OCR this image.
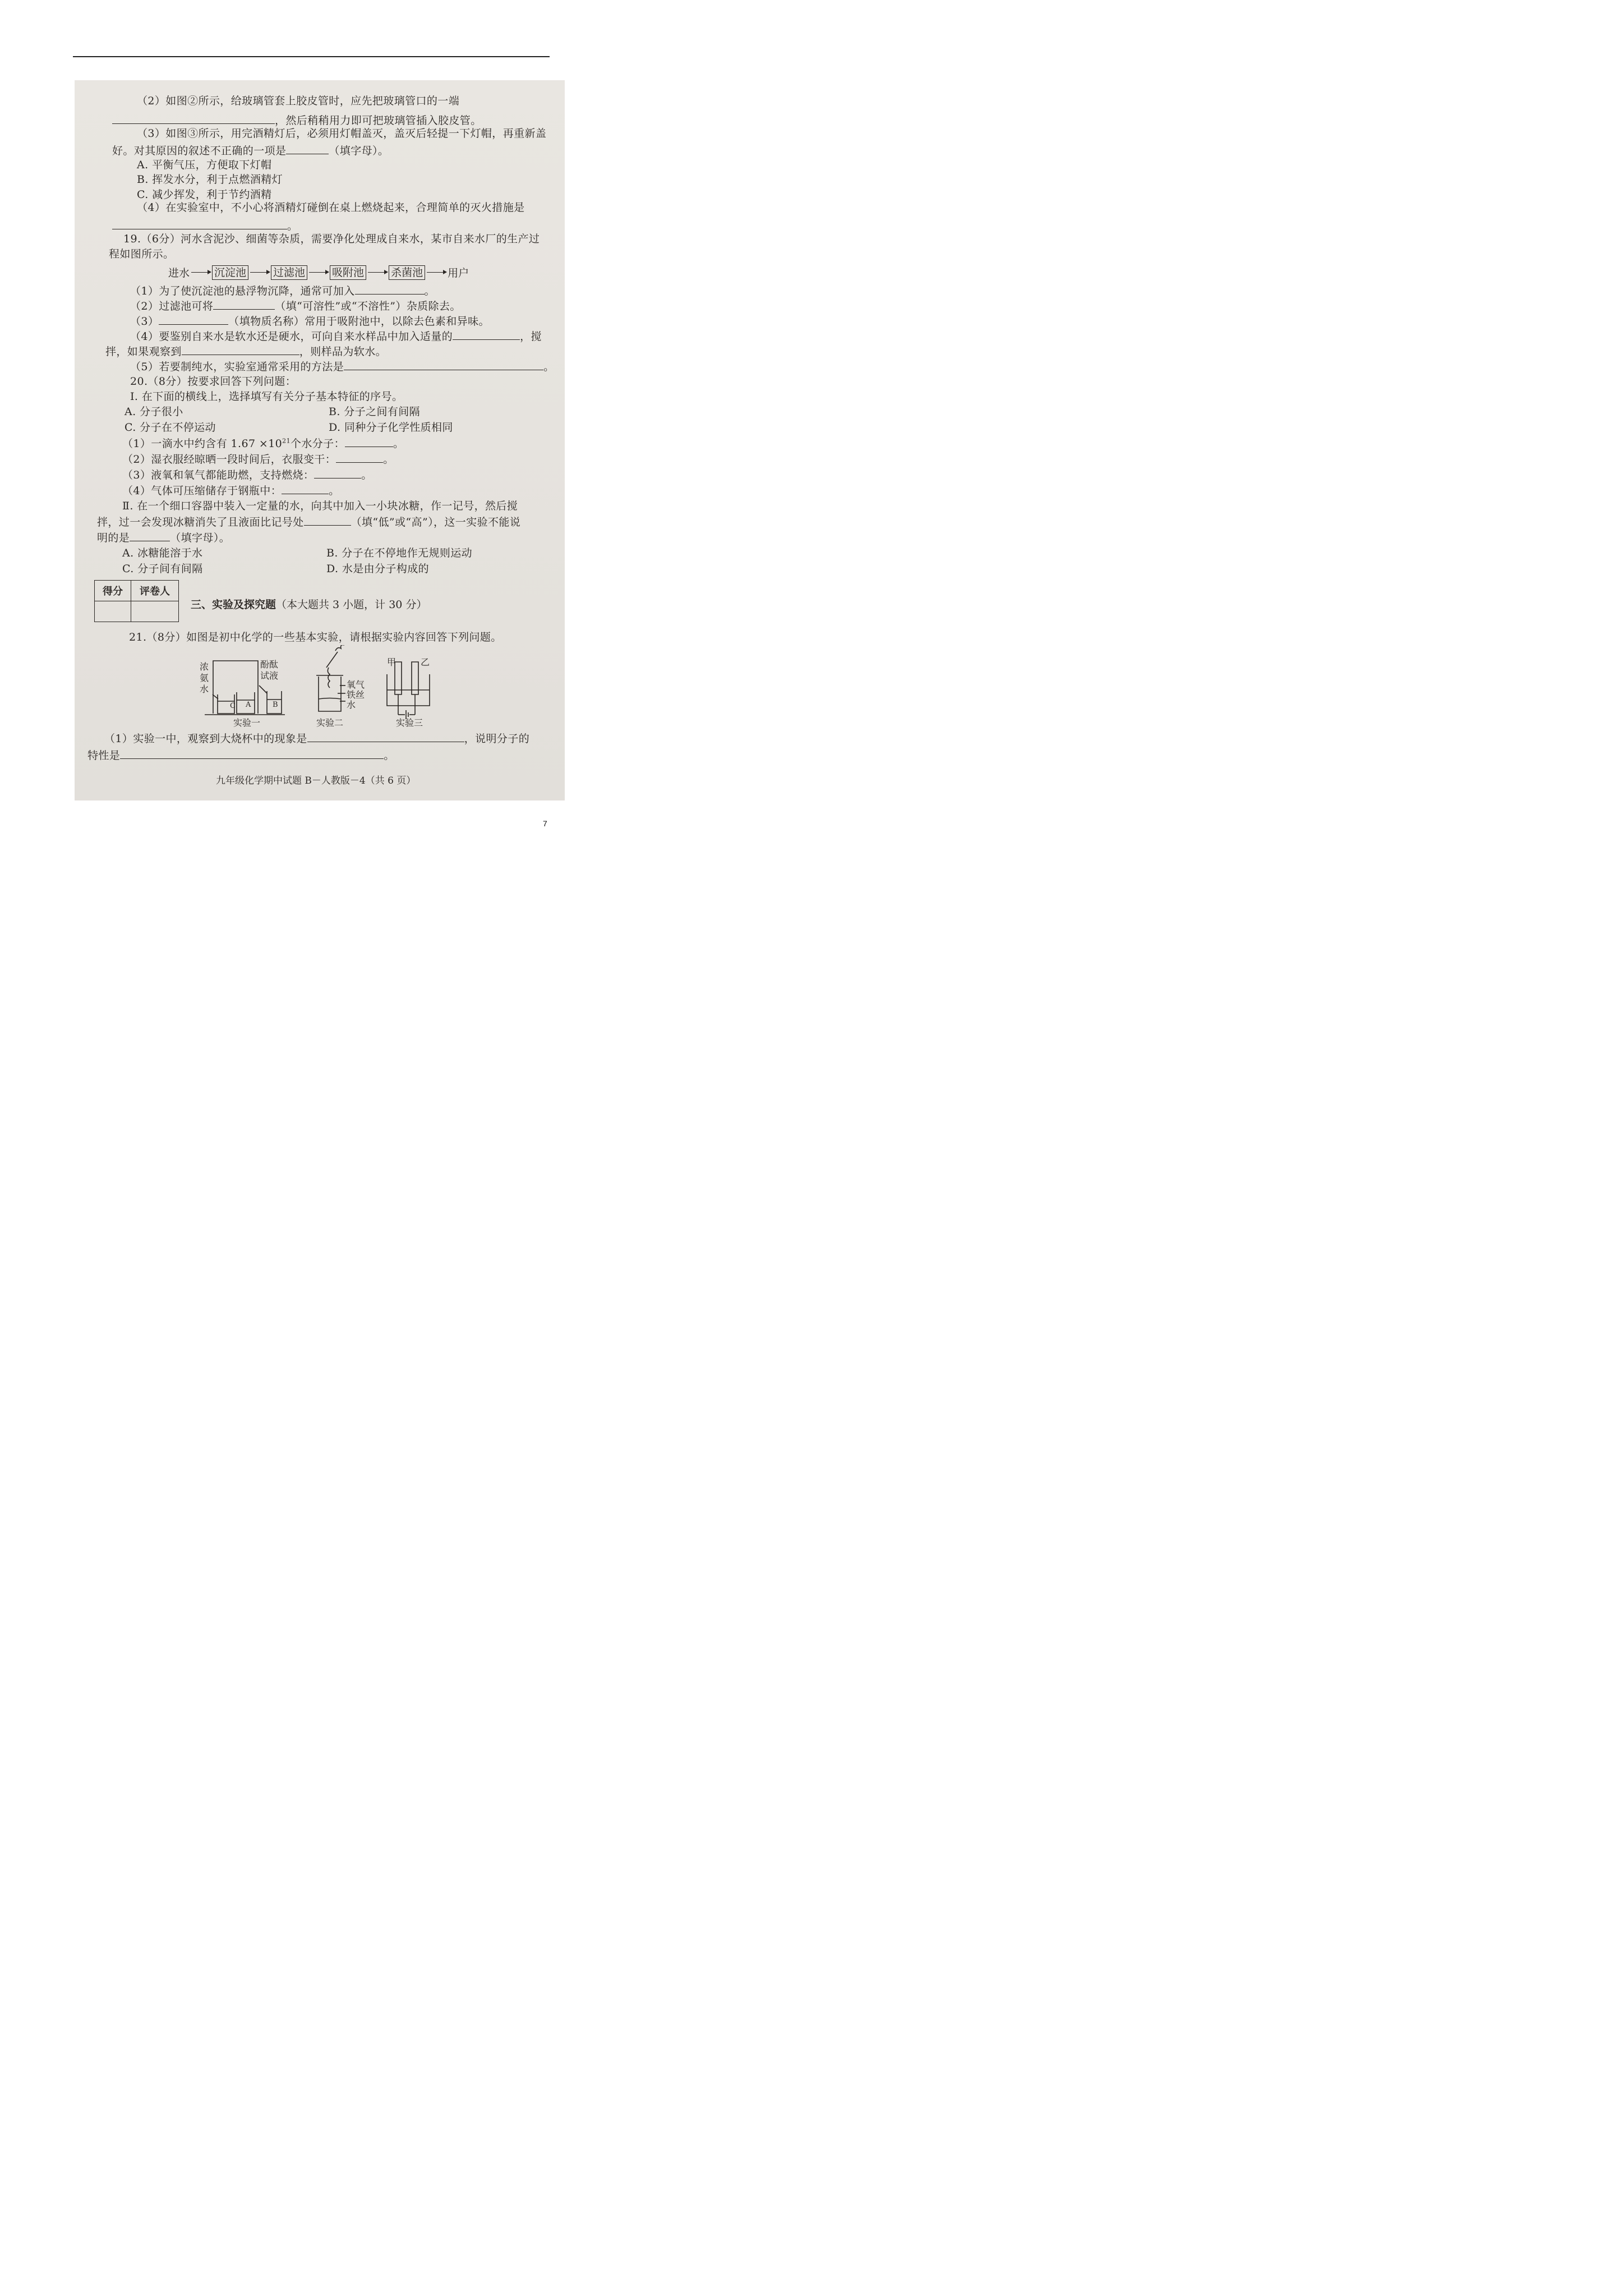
（2）如图②所示，给玻璃管套上胶皮管时，应先把玻璃管口的一端
，然后稍稍用力即可把玻璃管插入胶皮管。
（3）如图③所示，用完酒精灯后，必须用灯帽盖灭，盖灭后轻提一下灯帽，再重新盖
好。对其原因的叙述不正确的一项是	（填字母）。
A. 平衡气压，方便取下灯帽
B. 挥发水分，利于点燃酒精灯
C. 减少挥发，利于节约酒精
（4）在实验室中，不小心将酒精灯碰倒在桌上燃烧起来，合理简单的灭火措施是
。
19.（6分）河水含泥沙、细菌等杂质，需要净化处理成自来水，某市自来水厂的生产过
程如图所示。
进水 沉淀池	过滤池	吸附池	杀菌池 用户
（1）为了使沉淀池的悬浮物沉降，通常可加入	。
（2）过滤池可将	（填“可溶性”或“不溶性”）杂质除去。
（3）	（填物质名称）常用于吸附池中，以除去色素和异味。
（4）要鉴别自来水是软水还是硬水，可向自来水样品中加入适量的	，搅
拌，如果观察到	，则样品为软水。
（5）若要制纯水，实验室通常采用的方法是	。
20.（8分）按要求回答下列问题：
Ⅰ. 在下面的横线上，选择填写有关分子基本特征的序号。
A. 分子很小	B. 分子之间有间隔
C. 分子在不停运动	D. 同种分子化学性质相同
（1）一滴水中约含有 $1.67 \times 10^{21}$个水分子：	。
（2）湿衣服经晾晒一段时间后，衣服变干：	。
（3）液氧和氧气都能助燃，支持燃烧：	。
（4）气体可压缩储存于钢瓶中：	。
Ⅱ. 在一个细口容器中装入一定量的水，向其中加入一小块冰糖，作一记号，然后搅
拌，过一会发现冰糖消失了且液面比记号处	（填“低”或“高”），这一实验不能说
明的是	（填字母）。
A. 冰糖能溶于水	B. 分子在不停地作无规则运动
C. 分子间有间隔	D. 水是由分子构成的
得分	评卷人

三、实验及探究题（本大题共 3 小题，计 30 分）
21.（8分）如图是初中化学的一些基本实验，请根据实验内容回答下列问题。
C A	B
浓
氨
水
酚酞
试液
实验一
氧气
铁丝
水
实验二
甲	乙
实验三
（1）实验一中，观察到大烧杯中的现象是	，说明分子的
特性是	。
九年级化学期中试题 B－人教版－4（共 6 页）
7
